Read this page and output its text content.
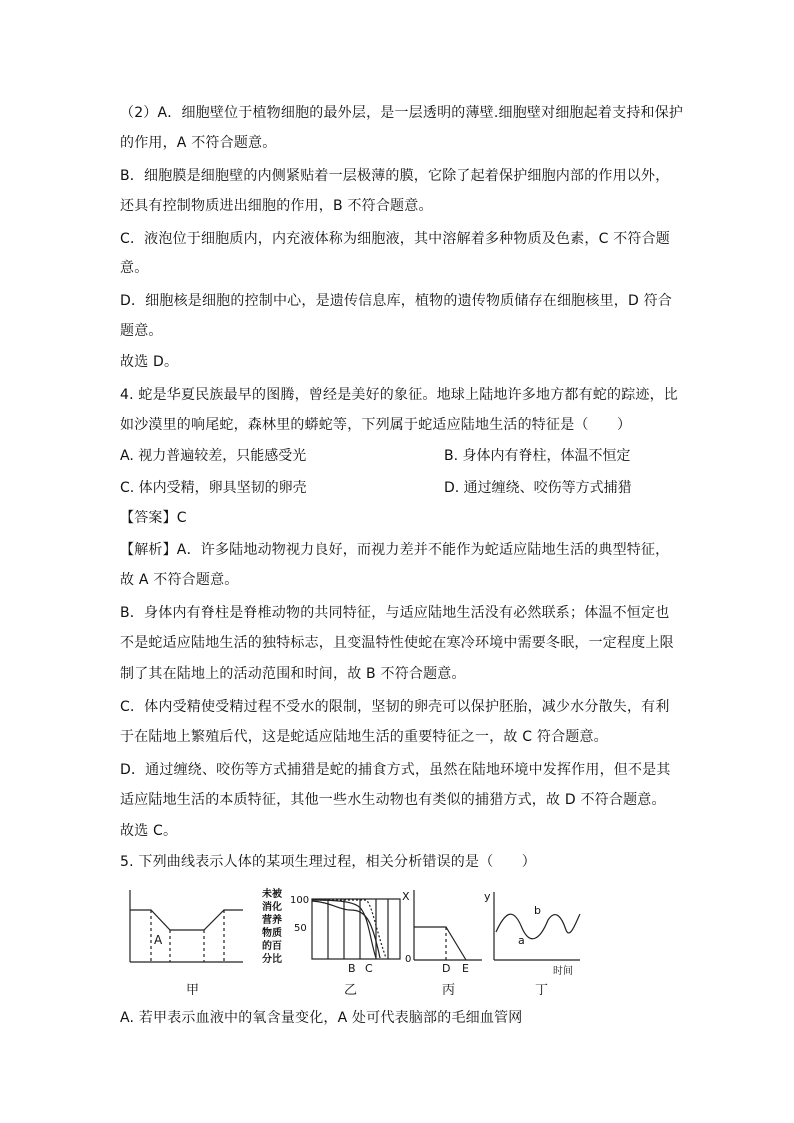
（2）A．细胞壁位于植物细胞的最外层，是一层透明的薄壁.细胞壁对细胞起着支持和保护
的作用，A 不符合题意。
B．细胞膜是细胞壁的内侧紧贴着一层极薄的膜，它除了起着保护细胞内部的作用以外，
还具有控制物质进出细胞的作用，B 不符合题意。
C．液泡位于细胞质内，内充液体称为细胞液，其中溶解着多种物质及色素，C 不符合题
意。
D．细胞核是细胞的控制中心，是遗传信息库，植物的遗传物质储存在细胞核里，D 符合
题意。
故选 D。
4. 蛇是华夏民族最早的图腾，曾经是美好的象征。地球上陆地许多地方都有蛇的踪迹，比
如沙漠里的响尾蛇，森林里的蟒蛇等，下列属于蛇适应陆地生活的特征是（　　）
A. 视力普遍较差，只能感受光	B. 身体内有脊柱，体温不恒定
C. 体内受精，卵具坚韧的卵壳	D. 通过缠绕、咬伤等方式捕猎
【答案】C
【解析】A．许多陆地动物视力良好，而视力差并不能作为蛇适应陆地生活的典型特征，
故 A 不符合题意。
B．身体内有脊柱是脊椎动物的共同特征，与适应陆地生活没有必然联系；体温不恒定也
不是蛇适应陆地生活的独特标志，且变温特性使蛇在寒冷环境中需要冬眠，一定程度上限
制了其在陆地上的活动范围和时间，故 B 不符合题意。
C．体内受精使受精过程不受水的限制，坚韧的卵壳可以保护胚胎，减少水分散失，有利
于在陆地上繁殖后代，这是蛇适应陆地生活的重要特征之一，故 C 符合题意。
D．通过缠绕、咬伤等方式捕猎是蛇的捕食方式，虽然在陆地环境中发挥作用，但不是其
适应陆地生活的本质特征，其他一些水生动物也有类似的捕猎方式，故 D 不符合题意。
故选 C。
5. 下列曲线表示人体的某项生理过程，相关分析错误的是（　　）
A
甲
未被
消化
营养
物质
的百
分比
100
50
X
B C
乙
0
D E
丙
y
a
b
时间
丁
A. 若甲表示血液中的氧含量变化，A 处可代表脑部的毛细血管网
